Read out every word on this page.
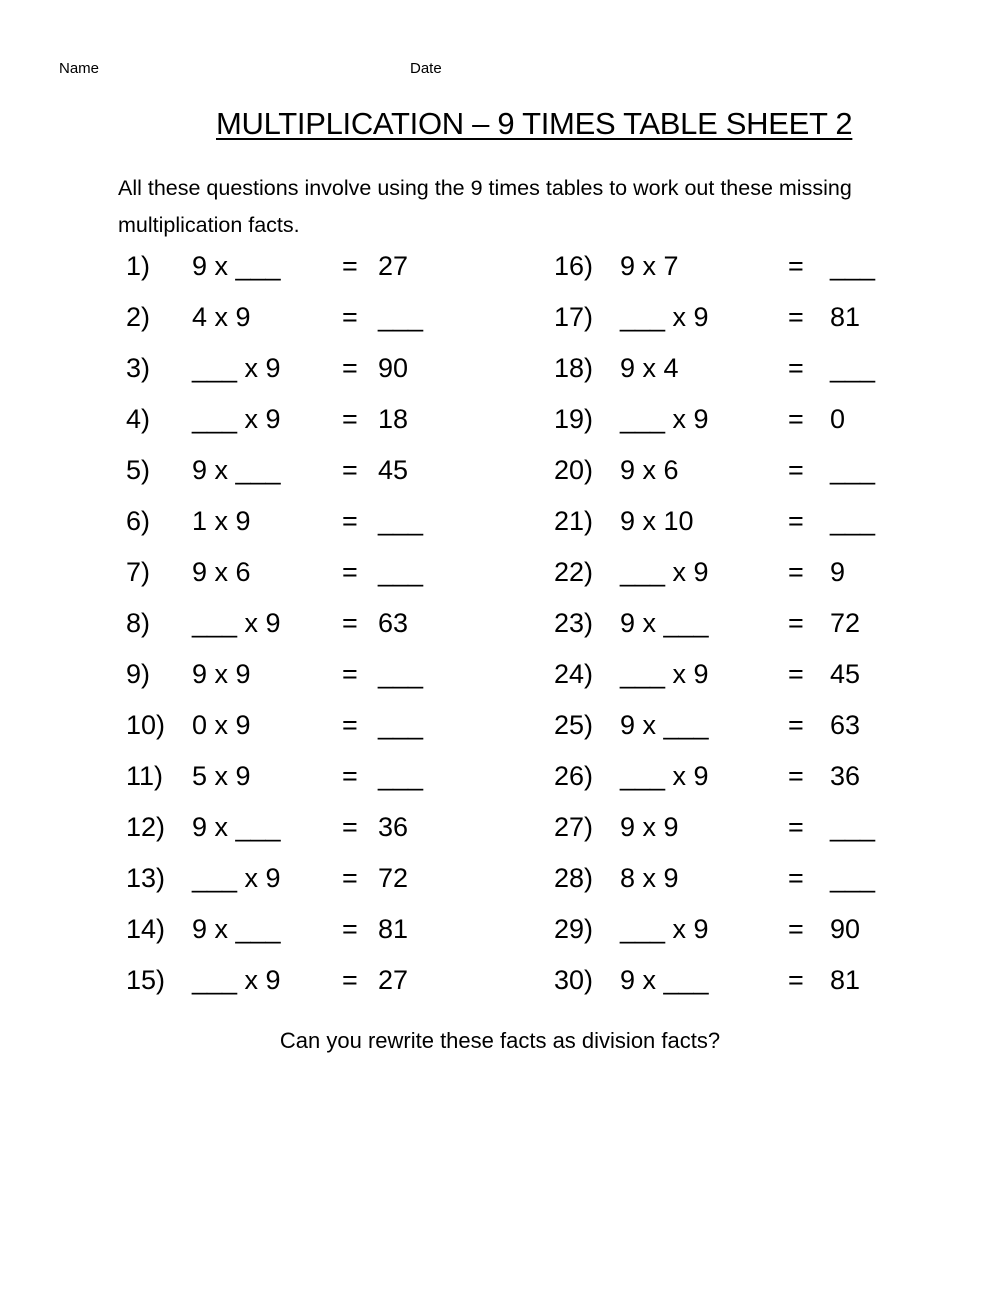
Name	Date
MULTIPLICATION – 9 TIMES TABLE SHEET 2
All these questions involve using the 9 times tables to work out these missing multiplication facts.
1) 9 x ___ = 27
2) 4 x 9	= ___
3) ___ x 9 = 90
4) ___ x 9 = 18
5) 9 x ___ = 45
6) 1 x 9	= ___
7) 9 x 6	= ___
8) ___ x 9 = 63
9) 9 x 9	= ___
10) 0 x 9	= ___
11) 5 x 9	= ___
12) 9 x ___ = 36
13) ___ x 9 = 72
14) 9 x ___ = 81
15) ___ x 9 = 27
16) 9 x 7	= ___
17) ___ x 9	= 81
18) 9 x 4	= ___
19) ___ x 9	= 0
20) 9 x 6	= ___
21) 9 x 10	= ___
22) ___ x 9	= 9
23) 9 x ___	= 72
24) ___ x 9	= 45
25) 9 x ___	= 63
26) ___ x 9	= 36
27) 9 x 9	= ___
28) 8 x 9	= ___
29) ___ x 9	= 90
30) 9 x ___	= 81
Can you rewrite these facts as division facts?
